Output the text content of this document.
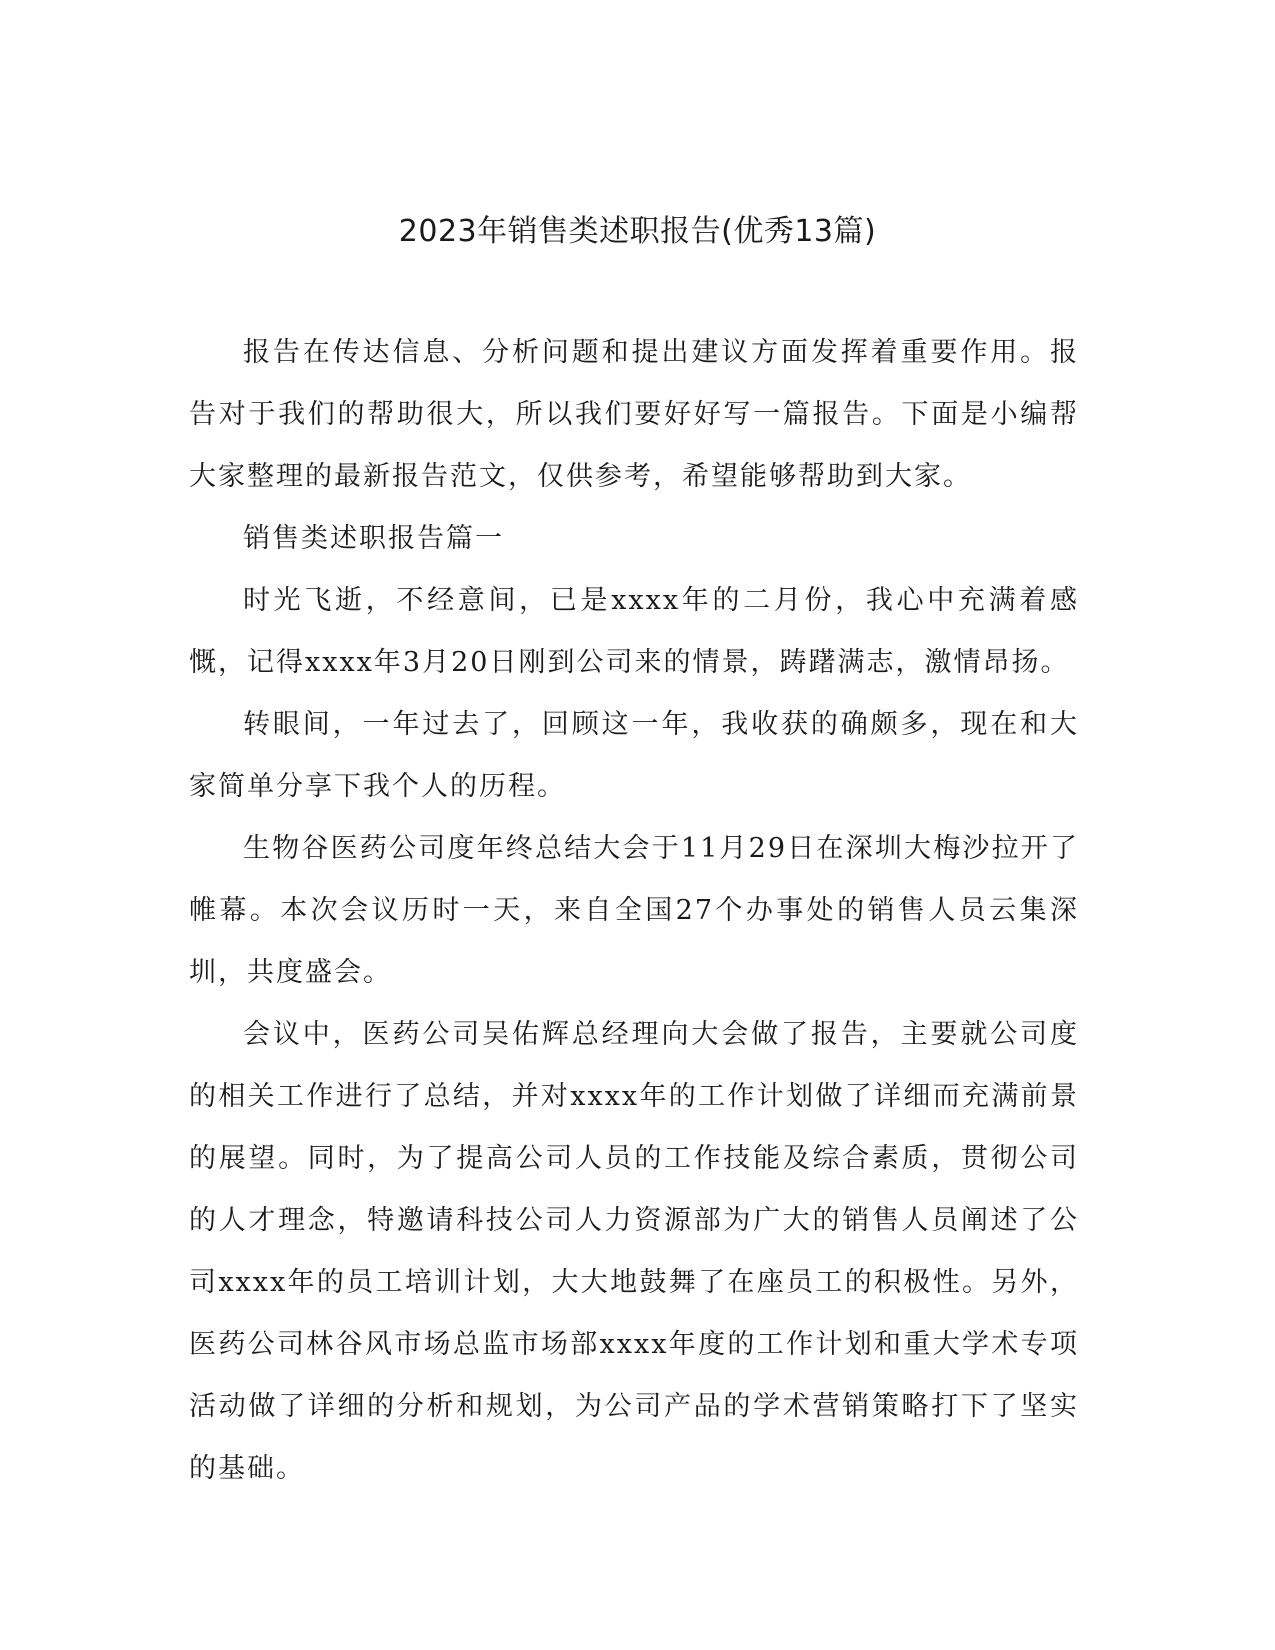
2023年销售类述职报告(优秀13篇)

报告在传达信息、分析问题和提出建议方面发挥着重要作用。报告对于我们的帮助很大，所以我们要好好写一篇报告。下面是小编帮大家整理的最新报告范文，仅供参考，希望能够帮助到大家。

销售类述职报告篇一

时光飞逝，不经意间，已是xxxx年的二月份，我心中充满着感慨，记得xxxx年3月20日刚到公司来的情景，踌躇满志，激情昂扬。

转眼间，一年过去了，回顾这一年，我收获的确颇多，现在和大家简单分享下我个人的历程。

生物谷医药公司度年终总结大会于11月29日在深圳大梅沙拉开了帷幕。本次会议历时一天，来自全国27个办事处的销售人员云集深圳，共度盛会。

会议中，医药公司吴佑辉总经理向大会做了报告，主要就公司度的相关工作进行了总结，并对xxxx年的工作计划做了详细而充满前景的展望。同时，为了提高公司人员的工作技能及综合素质，贯彻公司的人才理念，特邀请科技公司人力资源部为广大的销售人员阐述了公司xxxx年的员工培训计划，大大地鼓舞了在座员工的积极性。另外，医药公司林谷风市场总监市场部xxxx年度的工作计划和重大学术专项活动做了详细的分析和规划，为公司产品的学术营销策略打下了坚实的基础。
